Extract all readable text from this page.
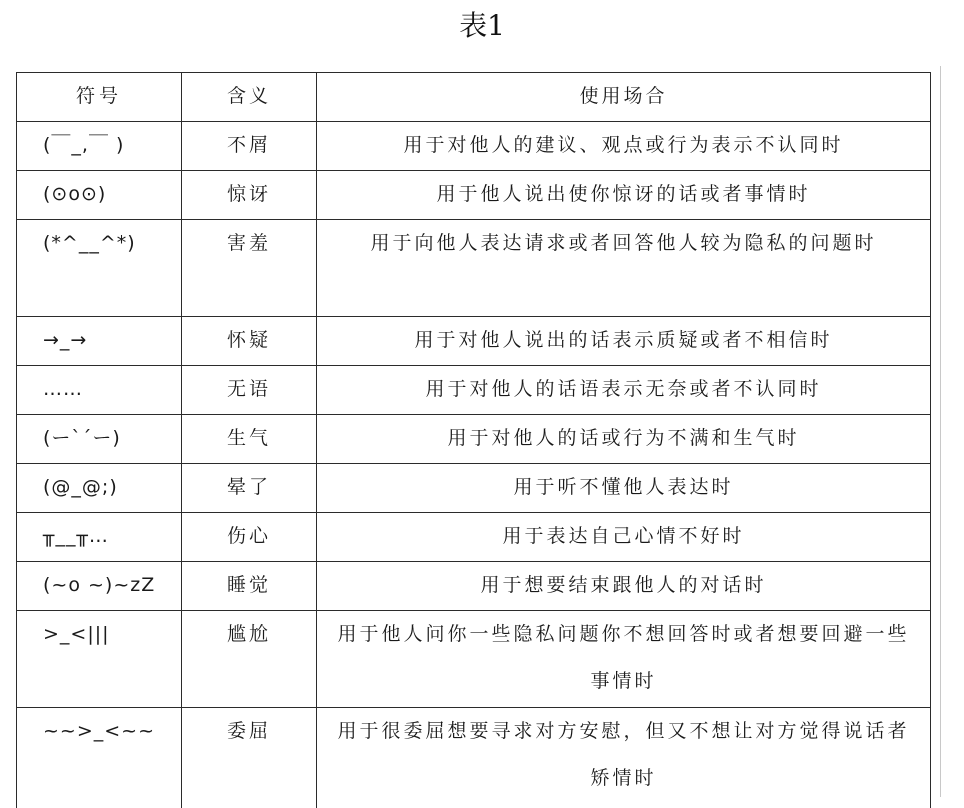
表1
符号	含义	使用场合
(￣_,￣ )	不屑	用于对他人的建议、观点或行为表示不认同时
(⊙o⊙)	惊讶	用于他人说出使你惊讶的话或者事情时
(*^__^*)	害羞	用于向他人表达请求或者回答他人较为隐私的问题时
→_→	怀疑	用于对他人说出的话表示质疑或者不相信时
……	无语	用于对他人的话语表示无奈或者不认同时
(ー`´ー)	生气	用于对他人的话或行为不满和生气时
(@_@;)	晕了	用于听不懂他人表达时
╥__╥…	伤心	用于表达自己心情不好时
(~o ~)~zZ	睡觉	用于想要结束跟他人的对话时
>_<|||	尴尬	用于他人问你一些隐私问题你不想回答时或者想要回避一些事情时
~~>_<~~	委屈	用于很委屈想要寻求对方安慰，但又不想让对方觉得说话者矫情时
